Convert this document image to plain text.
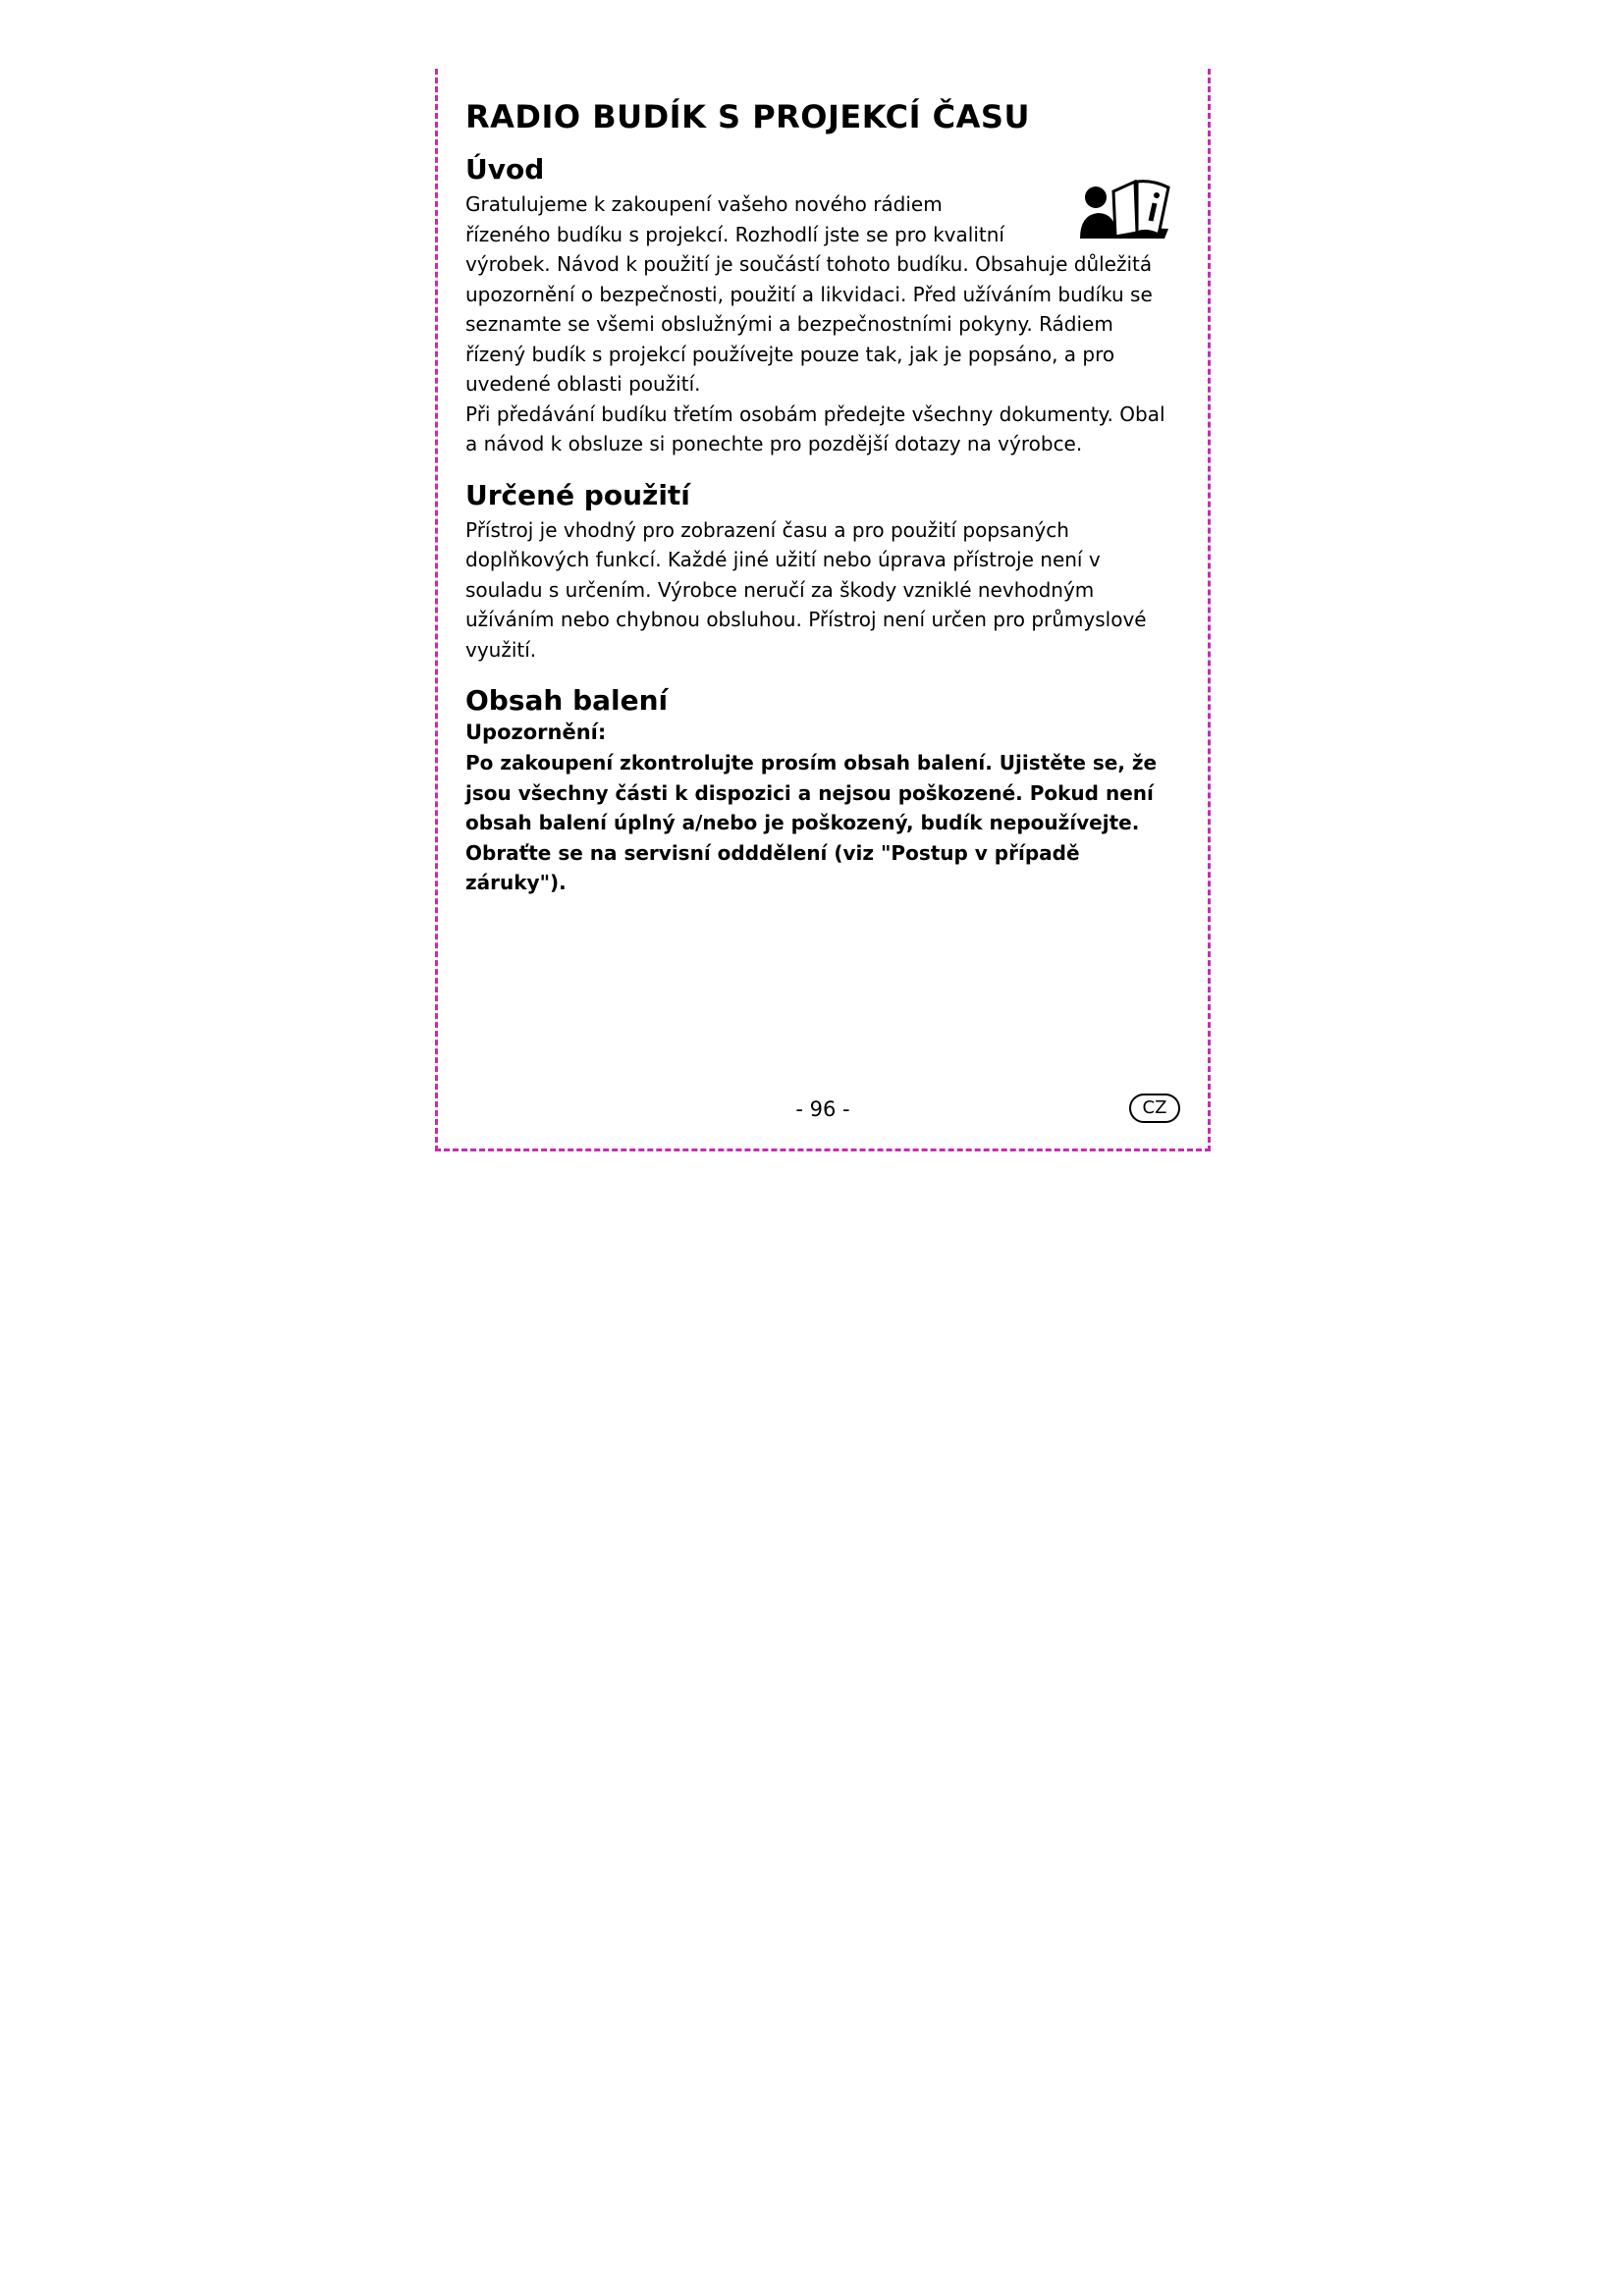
RADIO BUDÍK S PROJEKCÍ ČASU
Úvod

Gratulujeme k zakoupení vašeho nového rádiem

řízeného budíku s projekcí. Rozhodlí jste se pro kvalitní

výrobek. Návod k použití je součástí tohoto budíku. Obsahuje důležitá upozornění o bezpečnosti, použití a likvidaci. Před užíváním budíku se seznamte se všemi obslužnými a bezpečnostními pokyny. Rádiem řízený budík s projekcí používejte pouze tak, jak je popsáno, a pro uvedené oblasti použití.

Při předávání budíku třetím osobám předejte všechny dokumenty. Obal a návod k obsluze si ponechte pro pozdější dotazy na výrobce.

Určené použití

Přístroj je vhodný pro zobrazení času a pro použití popsaných doplňkových funkcí. Každé jiné užití nebo úprava přístroje není v souladu s určením. Výrobce neručí za škody vzniklé nevhodným užíváním nebo chybnou obsluhou. Přístroj není určen pro průmyslové využití.

Obsah balení
Upozornění:

Po zakoupení zkontrolujte prosím obsah balení. Ujistěte se, že jsou všechny části k dispozici a nejsou poškozené. Pokud není obsah balení úplný a/nebo je poškozený, budík nepoužívejte. Obraťte se na servisní odddělení (viz "Postup v případě záruky").

- 96 -	CZ
